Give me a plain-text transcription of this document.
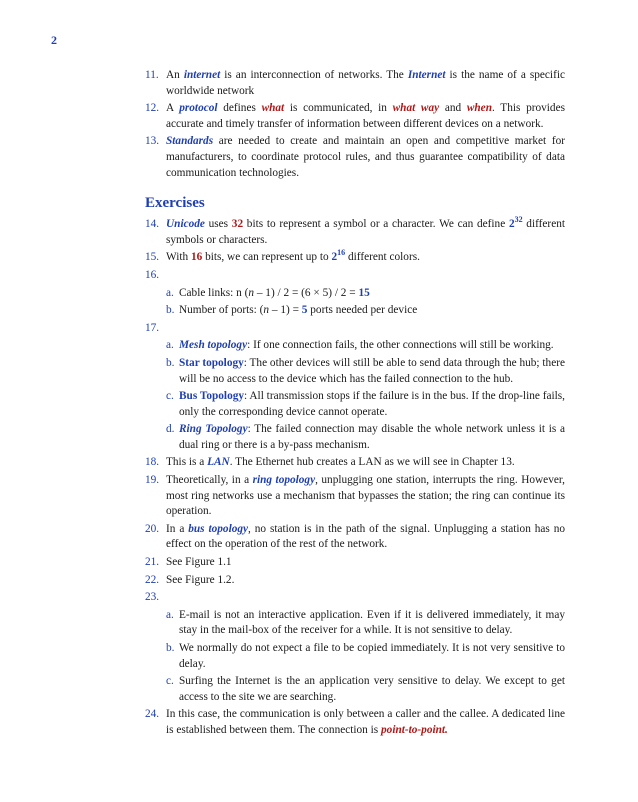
2
11. An internet is an interconnection of networks. The Internet is the name of a specific worldwide network
12. A protocol defines what is communicated, in what way and when. This provides accurate and timely transfer of information between different devices on a network.
13. Standards are needed to create and maintain an open and competitive market for manufacturers, to coordinate protocol rules, and thus guarantee compatibility of data communication technologies.
Exercises
14. Unicode uses 32 bits to represent a symbol or a character. We can define $2^{32}$ different symbols or characters.
15. With 16 bits, we can represent up to $2^{16}$ different colors.
16.

a. Cable links: n (n – 1) / 2 = (6 × 5) / 2 = 15
b. Number of ports: (n – 1) = 5 ports needed per device
17.

a. Mesh topology: If one connection fails, the other connections will still be working.
b. Star topology: The other devices will still be able to send data through the hub; there will be no access to the device which has the failed connection to the hub.
c. Bus Topology: All transmission stops if the failure is in the bus. If the drop-line fails, only the corresponding device cannot operate.
d. Ring Topology: The failed connection may disable the whole network unless it is a dual ring or there is a by-pass mechanism.
18. This is a LAN. The Ethernet hub creates a LAN as we will see in Chapter 13.
19. Theoretically, in a ring topology, unplugging one station, interrupts the ring. However, most ring networks use a mechanism that bypasses the station; the ring can continue its operation.
20. In a bus topology, no station is in the path of the signal. Unplugging a station has no effect on the operation of the rest of the network.
21. See Figure 1.1
22. See Figure 1.2.
23.

a. E-mail is not an interactive application. Even if it is delivered immediately, it may stay in the mail-box of the receiver for a while. It is not sensitive to delay.
b. We normally do not expect a file to be copied immediately. It is not very sensitive to delay.
c. Surfing the Internet is the an application very sensitive to delay. We except to get access to the site we are searching.
24. In this case, the communication is only between a caller and the callee. A dedicated line is established between them. The connection is point-to-point.
